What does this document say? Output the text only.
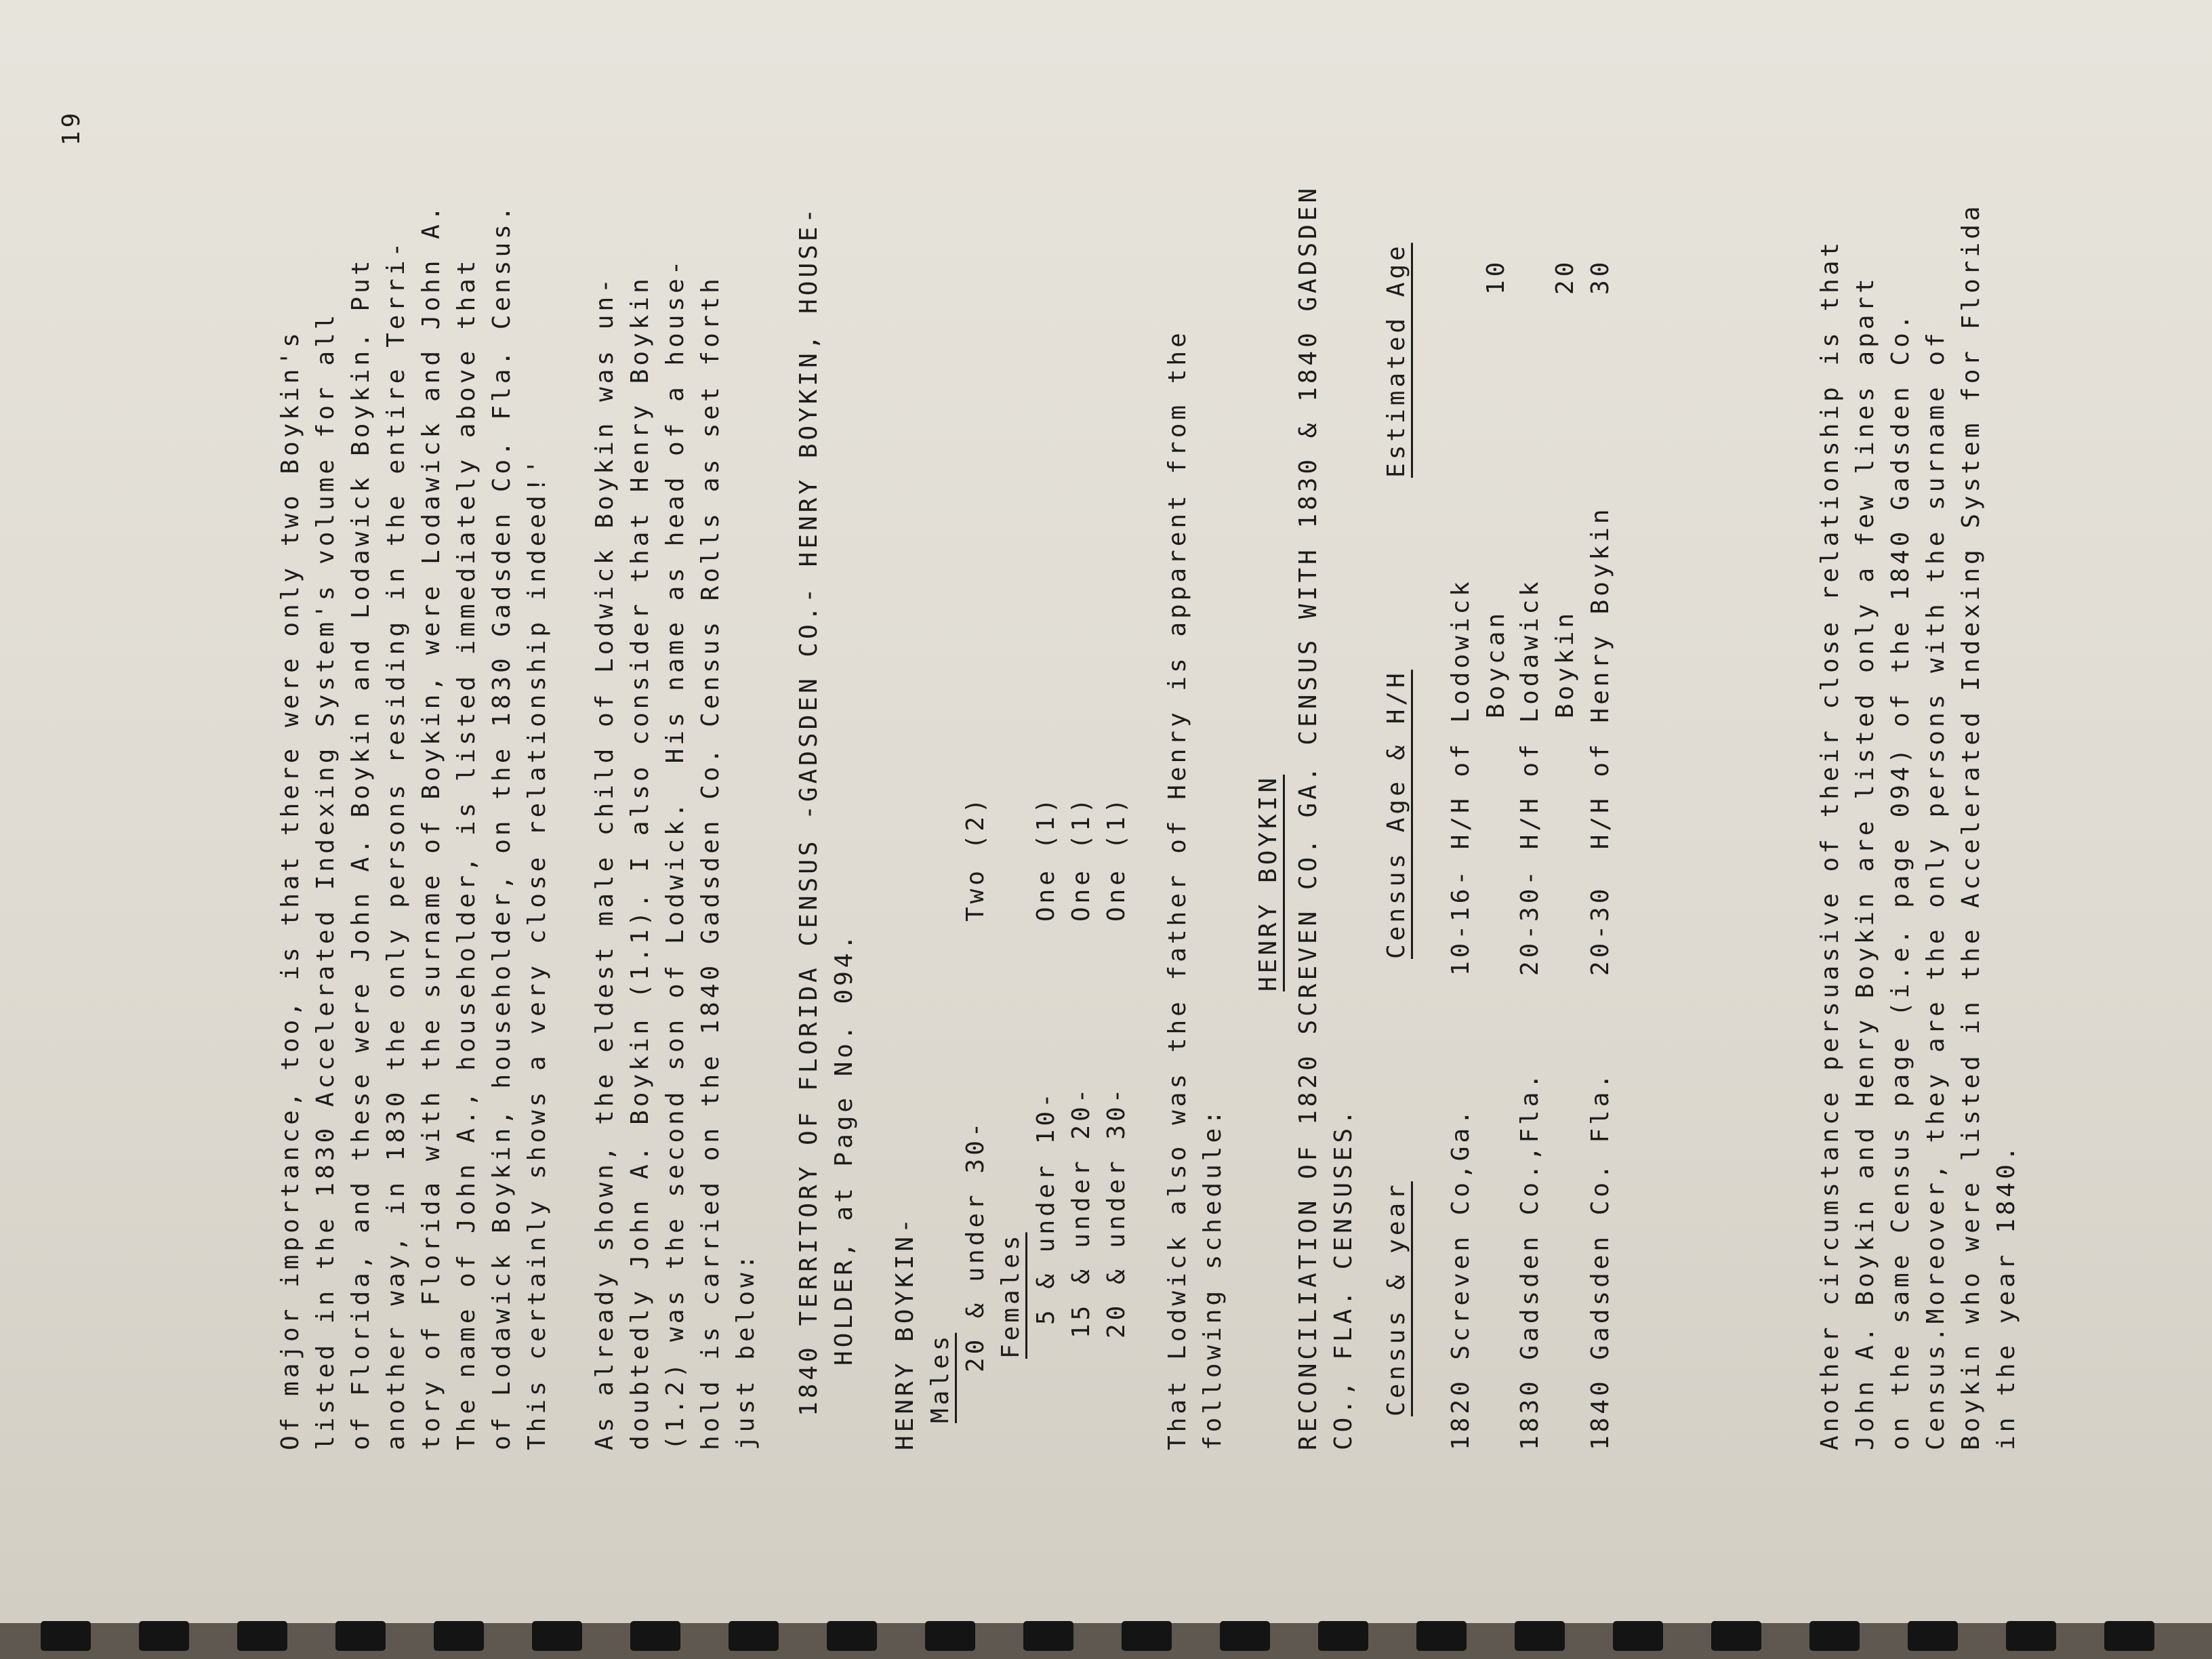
19
Of major importance, too, is that there were only two Boykin's listed in the 1830 Accelerated Indexing System's volume for all of Florida, and these were John A. Boykin and Lodawick Boykin. Put another way, in 1830 the only persons residing in the entire Terri- tory of Florida with the surname of Boykin, were Lodawick and John A. The name of John A., householder, is listed immediately above that of Lodawick Boykin, householder, on the 1830 Gadsden Co. Fla. Census. This certainly shows a very close relationship indeed!' As already shown, the eldest male child of Lodwick Boykin was un- doubtedly John A. Boykin (1.1). I also consider that Henry Boykin (1.2) was the second son of Lodwick.  His name as head of a house- hold is carried on the 1840 Gadsden Co. Census Rolls as set forth just below: 1840 TERRITORY OF FLORIDA CENSUS -GADSDEN CO.- HENRY BOYKIN, HOUSE- HOLDER, at Page No. 094. HENRY BOYKIN- Males
20 & under 30-
Two (2)
Females 5 & under 10-
One (1)
15 & under 20-
One (1)
20 & under 30-
One (1) That Lodwick also was the father of Henry is apparent from the following schedule:
HENRY BOYKIN RECONCILIATION OF 1820 SCREVEN CO. GA. CENSUS WITH 1830 & 1840 GADSDEN CO., FLA. CENSUSES. Census & year
Census Age & H/H
Estimated Age
1820 Screven Co,Ga.
10-16- H/H of Lodowick Boycan
10
1830 Gadsden Co.,Fla.
20-30- H/H of Lodawick Boykin
20
1840 Gadsden Co. Fla.
20-30  H/H of Henry Boykin
30	Another circumstance persuasive of their close relationship is that John A. Boykin and Henry Boykin are listed only a few lines apart on the same Census page (i.e. page 094) of the 1840 Gadsden Co. Census.Moreover, they are the only persons with the surname of Boykin who were listed in the Accelerated Indexing System for Florida in the year 1840.
